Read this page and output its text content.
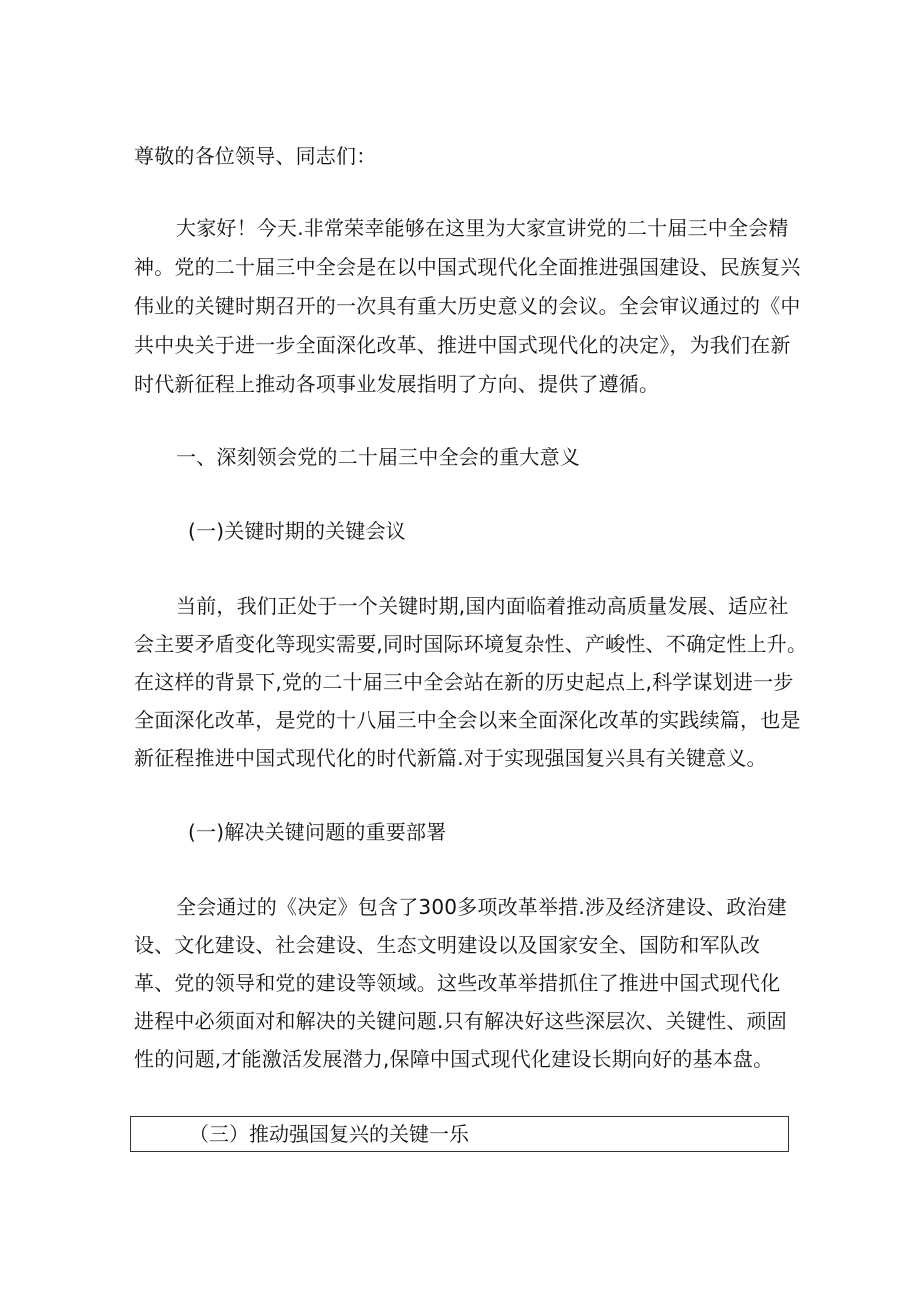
尊敬的各位领导、同志们：
大家好！今天.非常荣幸能够在这里为大家宣讲党的二十届三中全会精
神。党的二十届三中全会是在以中国式现代化全面推进强国建设、民族复兴
伟业的关键时期召开的一次具有重大历史意义的会议。全会审议通过的《中
共中央关于进一步全面深化改革、推进中国式现代化的决定》，为我们在新
时代新征程上推动各项事业发展指明了方向、提供了遵循。
一、深刻领会党的二十届三中全会的重大意义
(一)关键时期的关键会议
当前，我们正处于一个关键时期,国内面临着推动高质量发展、适应社
会主要矛盾变化等现实需要,同时国际环境复杂性、产峻性、不确定性上升。
在这样的背景下,党的二十届三中全会站在新的历史起点上,科学谋划进一步
全面深化改革，是党的十八届三中全会以来全面深化改革的实践续篇，也是
新征程推进中国式现代化的时代新篇.对于实现强国复兴具有关键意义。
(一)解决关键问题的重要部署
全会通过的《决定》包含了300多项改革举措.涉及经济建设、政治建
设、文化建设、社会建设、生态文明建设以及国家安全、国防和军队改
革、党的领导和党的建设等领域。这些改革举措抓住了推进中国式现代化
进程中必须面对和解决的关键问题.只有解决好这些深层次、关键性、顽固
性的问题,才能激活发展潜力,保障中国式现代化建设长期向好的基本盘。
（三）推动强国复兴的关键一乐
